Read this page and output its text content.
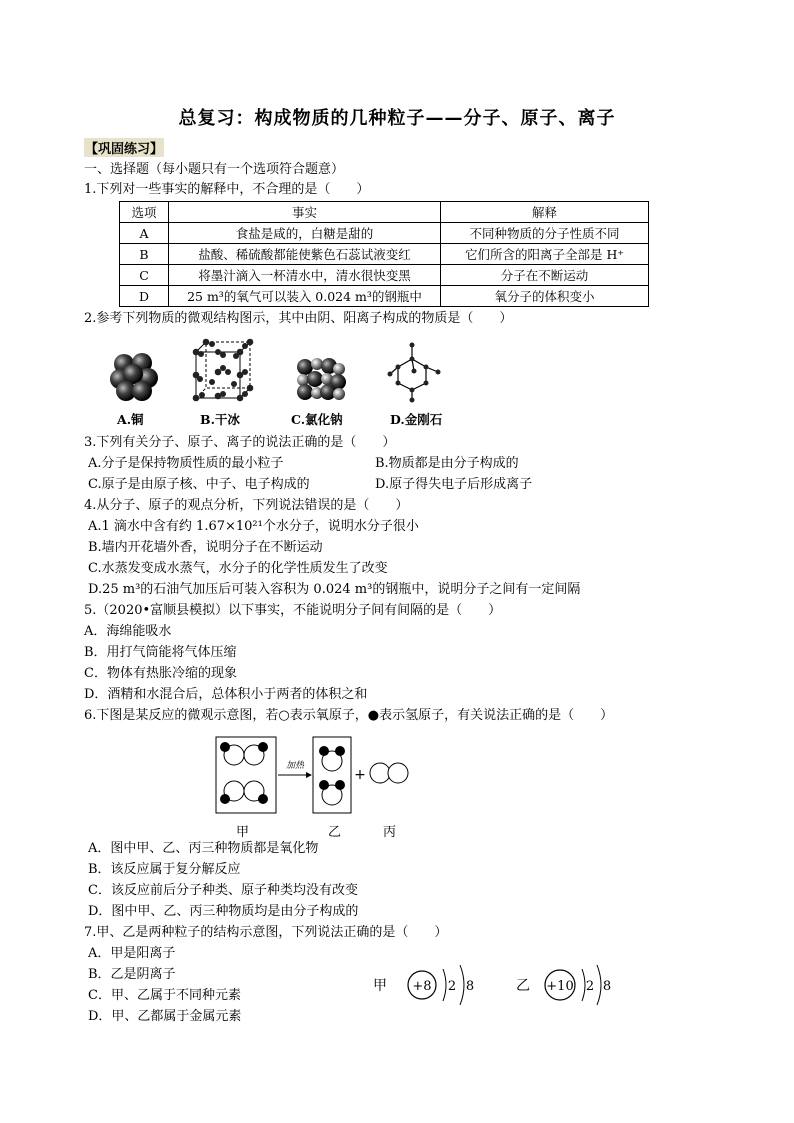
总复习：构成物质的几种粒子——分子、原子、离子
【巩固练习】
一、选择题（每小题只有一个选项符合题意）
1.下列对一些事实的解释中，不合理的是（　　）
选项	事实	解释
A	食盐是咸的，白糖是甜的	不同种物质的分子性质不同
B	盐酸、稀硫酸都能使紫色石蕊试液变红	它们所含的阳离子全部是 H⁺
C	将墨汁滴入一杯清水中，清水很快变黑	分子在不断运动
D	25 m³的氧气可以装入 0.024 m³的钢瓶中	氧分子的体积变小
2.参考下列物质的微观结构图示，其中由阴、阳离子构成的物质是（　　）
A.铜	B.干冰	C.氯化钠	D.金刚石
3.下列有关分子、原子、离子的说法正确的是（　　）
A.分子是保持物质性质的最小粒子	B.物质都是由分子构成的
C.原子是由原子核、中子、电子构成的	D.原子得失电子后形成离子
4.从分子、原子的观点分析，下列说法错误的是（　　）
A.1 滴水中含有约 1.67×10²¹个水分子，说明水分子很小
B.墙内开花墙外香，说明分子在不断运动
C.水蒸发变成水蒸气，水分子的化学性质发生了改变
D.25 m³的石油气加压后可装入容积为 0.024 m³的钢瓶中，说明分子之间有一定间隔
5.（2020•富顺县模拟）以下事实，不能说明分子间有间隔的是（　　）
A．海绵能吸水
B．用打气筒能将气体压缩
C．物体有热胀冷缩的现象
D．酒精和水混合后，总体积小于两者的体积之和
6.下图是某反应的微观示意图，若○表示氧原子，●表示氢原子，有关说法正确的是（　　）
加热
+
甲	乙	丙
A．图中甲、乙、丙三种物质都是氧化物
B．该反应属于复分解反应
C．该反应前后分子种类、原子种类均没有改变
D．图中甲、乙、丙三种物质均是由分子构成的
7.甲、乙是两种粒子的结构示意图，下列说法正确的是（　　）
A．甲是阳离子
B．乙是阴离子
C．甲、乙属于不同种元素
D．甲、乙都属于金属元素
甲 +8 2 8	乙 +10 2 8
